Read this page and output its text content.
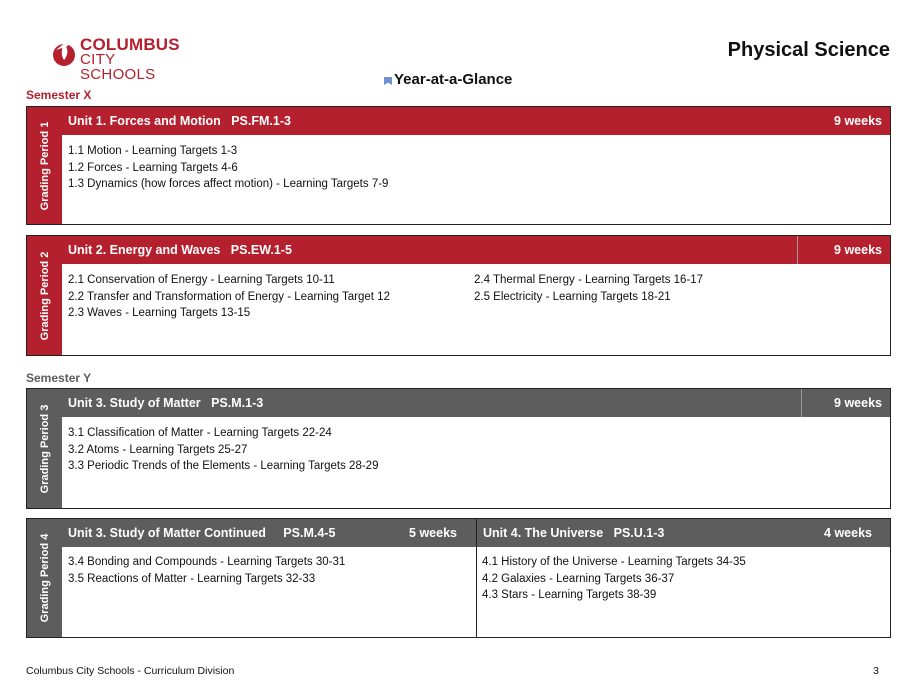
COLUMBUS
CITY SCHOOLS
Physical Science
Year-at-a-Glance
Semester X
Grading Period 1
Unit 1. Forces and Motion PS.FM.1-3	9 weeks
1.1 Motion - Learning Targets 1-3
1.2 Forces - Learning Targets 4-6
1.3 Dynamics (how forces affect motion) - Learning Targets 7-9
Grading Period 2
Unit 2. Energy and Waves PS.EW.1-5	9 weeks
2.1 Conservation of Energy - Learning Targets 10-11
2.2 Transfer and Transformation of Energy - Learning Target 12
2.3 Waves - Learning Targets 13-15
2.4 Thermal Energy - Learning Targets 16-17
2.5 Electricity - Learning Targets 18-21
Semester Y
Grading Period 3
Unit 3. Study of Matter PS.M.1-3	9 weeks
3.1 Classification of Matter - Learning Targets 22-24
3.2 Atoms - Learning Targets 25-27
3.3 Periodic Trends of the Elements - Learning Targets 28-29
Grading Period 4
Unit 3. Study of Matter Continued PS.M.4-5	5 weeks Unit 4. The Universe PS.U.1-3	4 weeks
3.4 Bonding and Compounds - Learning Targets 30-31
3.5 Reactions of Matter - Learning Targets 32-33
4.1 History of the Universe - Learning Targets 34-35
4.2 Galaxies - Learning Targets 36-37
4.3 Stars - Learning Targets 38-39
Columbus City Schools - Curriculum Division	3
